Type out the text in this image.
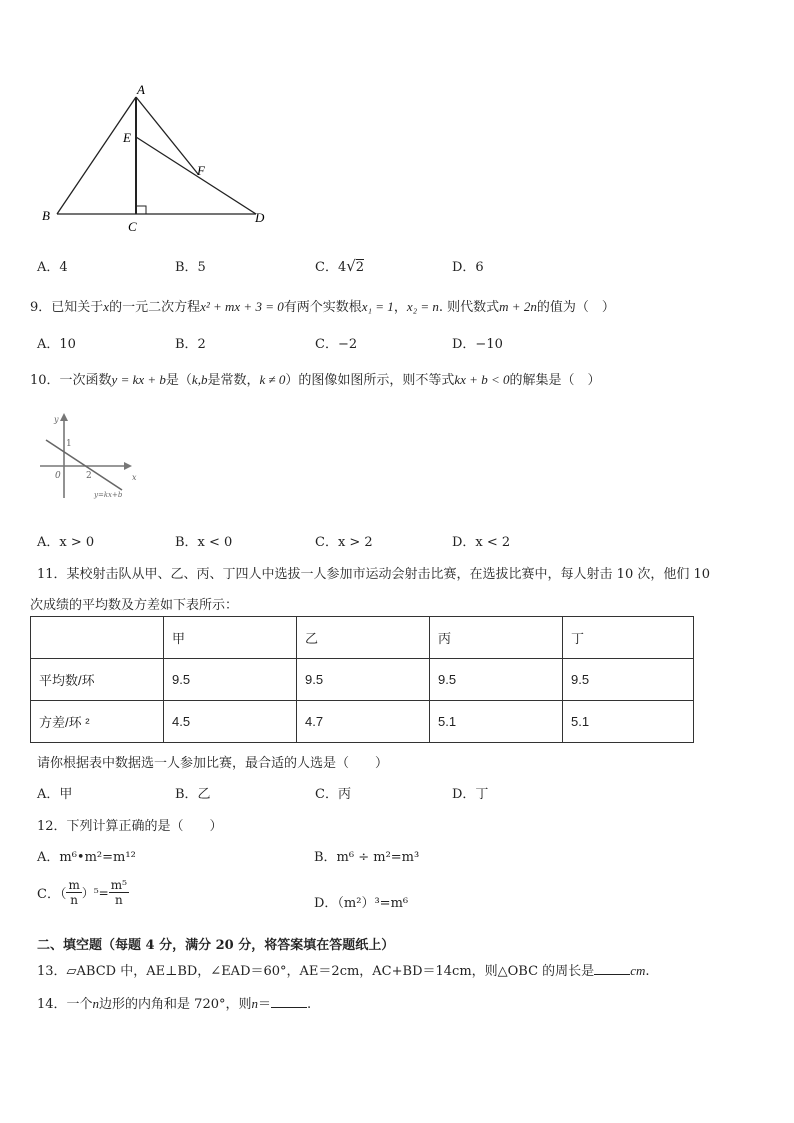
A
E
F
B
C
D
A．4	B．5	C．4√2	D．6
9．已知关于x的一元二次方程x² + mx + 3 = 0有两个实数根x₁ = 1，x₂ = n. 则代数式m + 2n的值为（　）
A．10	B．2	C．−2	D．−10
10．一次函数y = kx + b是（k,b是常数，k ≠ 0）的图像如图所示，则不等式kx + b < 0的解集是（　）
y
x
0
1
2
y=kx+b
A．x > 0	B．x < 0	C．x > 2	D．x < 2
11．某校射击队从甲、乙、丙、丁四人中选拔一人参加市运动会射击比赛，在选拔比赛中，每人射击 10 次，他们 10
次成绩的平均数及方差如下表所示：
	甲	乙	丙	丁
平均数/环	9.5	9.5	9.5	9.5
方差/环 ²	4.5	4.7	5.1	5.1
请你根据表中数据选一人参加比赛，最合适的人选是（　　）
A．甲	B．乙	C．丙	D．丁
12．下列计算正确的是（　　）
A．m⁶•m²=m¹²	B．m⁶ ÷ m²=m³
C．（ $\frac{m}{n} )^5= \frac{\text{m⁵}}{n}$	D．（m²）³=m⁶
二、填空题（每题 4 分，满分 20 分，将答案填在答题纸上）
13．▱ABCD 中，AE⊥BD，∠EAD＝60°，AE＝2cm，AC+BD＝14cm，则△OBC 的周长是	cm.
14．一个n边形的内角和是 720°，则n＝	.
